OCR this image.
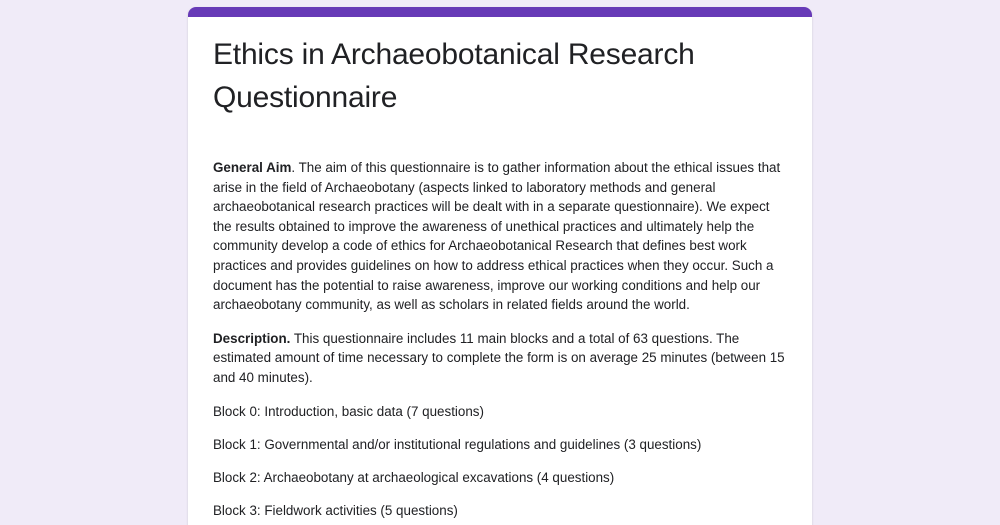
Ethics in Archaeobotanical Research Questionnaire

General Aim. The aim of this questionnaire is to gather information about the ethical issues that arise in the field of Archaeobotany (aspects linked to laboratory methods and general archaeobotanical research practices will be dealt with in a separate questionnaire). We expect the results obtained to improve the awareness of unethical practices and ultimately help the community develop a code of ethics for Archaeobotanical Research that defines best work practices and provides guidelines on how to address ethical practices when they occur. Such a document has the potential to raise awareness, improve our working conditions and help our archaeobotany community, as well as scholars in related fields around the world.

Description. This questionnaire includes 11 main blocks and a total of 63 questions. The estimated amount of time necessary to complete the form is on average 25 minutes (between 15 and 40 minutes).

Block 0: Introduction, basic data (7 questions)

Block 1: Governmental and/or institutional regulations and guidelines (3 questions)

Block 2: Archaeobotany at archaeological excavations (4 questions)

Block 3: Fieldwork activities (5 questions)
